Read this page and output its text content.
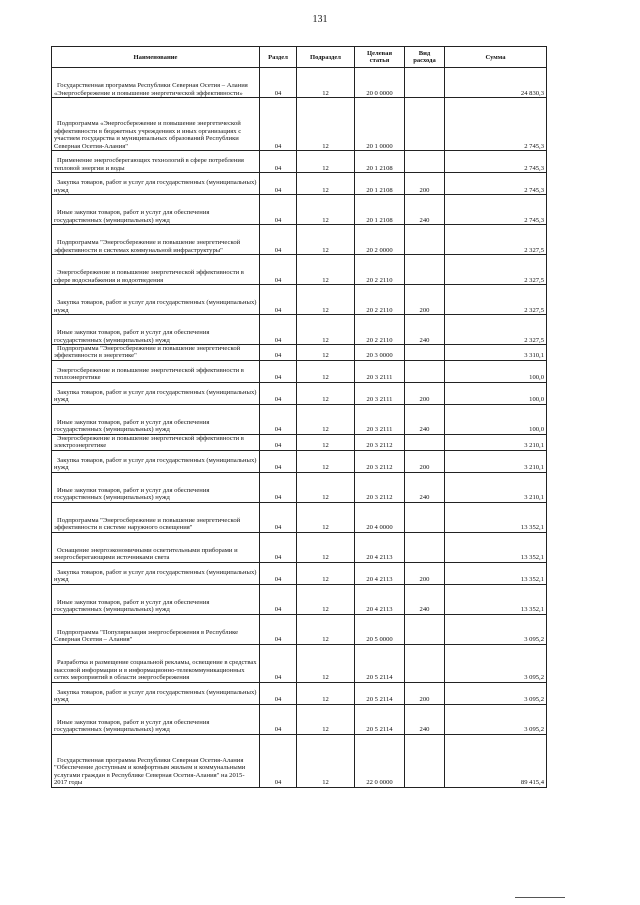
131
Наименование	Раздел	Подраздел	Целевая статья	Вид расхода	Сумма
Государственная программа Республики Северная Осетия – Алания «Энергосбережение и повышение энергетической эффективности»	04	12	20 0 0000		24 830,3
Подпрограмма «Энергосбережение и повышение энергетической эффективности в бюджетных учреждениях и иных организациях с участием государства и муниципальных образований Республики Северная Осетия-Алания"	04	12	20 1 0000		2 745,3
Применение энергосберегающих технологий в сфере потребления тепловой энергии и воды	04	12	20 1 2108		2 745,3
Закупка товаров, работ и услуг для государственных (муниципальных) нужд	04	12	20 1 2108	200	2 745,3
Иные закупки товаров, работ и услуг для обеспечения государственных (муниципальных) нужд	04	12	20 1 2108	240	2 745,3
Подпрограмма "Энергосбережение и повышение энергетической эффективности в системах коммунальной инфраструктуры"	04	12	20 2 0000		2 327,5
Энергосбережение и повышение энергетической эффективности в сфере водоснабжения и водоотведения	04	12	20 2 2110		2 327,5
Закупка товаров, работ и услуг для государственных (муниципальных) нужд	04	12	20 2 2110	200	2 327,5
Иные закупки товаров, работ и услуг для обеспечения государственных (муниципальных) нужд	04	12	20 2 2110	240	2 327,5
Подпрограмма "Энергосбережение и повышение энергетической эффективности в энергетике"	04	12	20 3 0000		3 310,1
Энергосбережение и повышение энергетической эффективности в теплоэнергетике	04	12	20 3 2111		100,0
Закупка товаров, работ и услуг для государственных (муниципальных) нужд	04	12	20 3 2111	200	100,0
Иные закупки товаров, работ и услуг для обеспечения государственных (муниципальных) нужд	04	12	20 3 2111	240	100,0
Энергосбережение и повышение энергетической эффективности в электроэнергетике	04	12	20 3 2112		3 210,1
Закупка товаров, работ и услуг для государственных (муниципальных) нужд	04	12	20 3 2112	200	3 210,1
Иные закупки товаров, работ и услуг для обеспечения государственных (муниципальных) нужд	04	12	20 3 2112	240	3 210,1
Подпрограмма "Энергосбережение и повышение энергетической эффективности в системе наружного освещения"	04	12	20 4 0000		13 352,1
Оснащение энергоэкономичными осветительными приборами и энергосберегающими источниками света	04	12	20 4 2113		13 352,1
Закупка товаров, работ и услуг для государственных (муниципальных) нужд	04	12	20 4 2113	200	13 352,1
Иные закупки товаров, работ и услуг для обеспечения государственных (муниципальных) нужд	04	12	20 4 2113	240	13 352,1
Подпрограмма "Популяризация энергосбережения в Республике Северная Осетия – Алания"	04	12	20 5 0000		3 095,2
Разработка и размещение социальной рекламы, освещение в средствах массовой информации и в информационно-телекоммуникационных сетях мероприятий в области энергосбережения	04	12	20 5 2114		3 095,2
Закупка товаров, работ и услуг для государственных (муниципальных) нужд	04	12	20 5 2114	200	3 095,2
Иные закупки товаров, работ и услуг для обеспечения государственных (муниципальных) нужд	04	12	20 5 2114	240	3 095,2
Государственная программа Республики Северная Осетия-Алания "Обеспечение доступным и комфортным жильем и коммунальными услугами граждан в Республике Северная Осетия-Алания" на 2015-2017 годы	04	12	22 0 0000		89 415,4
